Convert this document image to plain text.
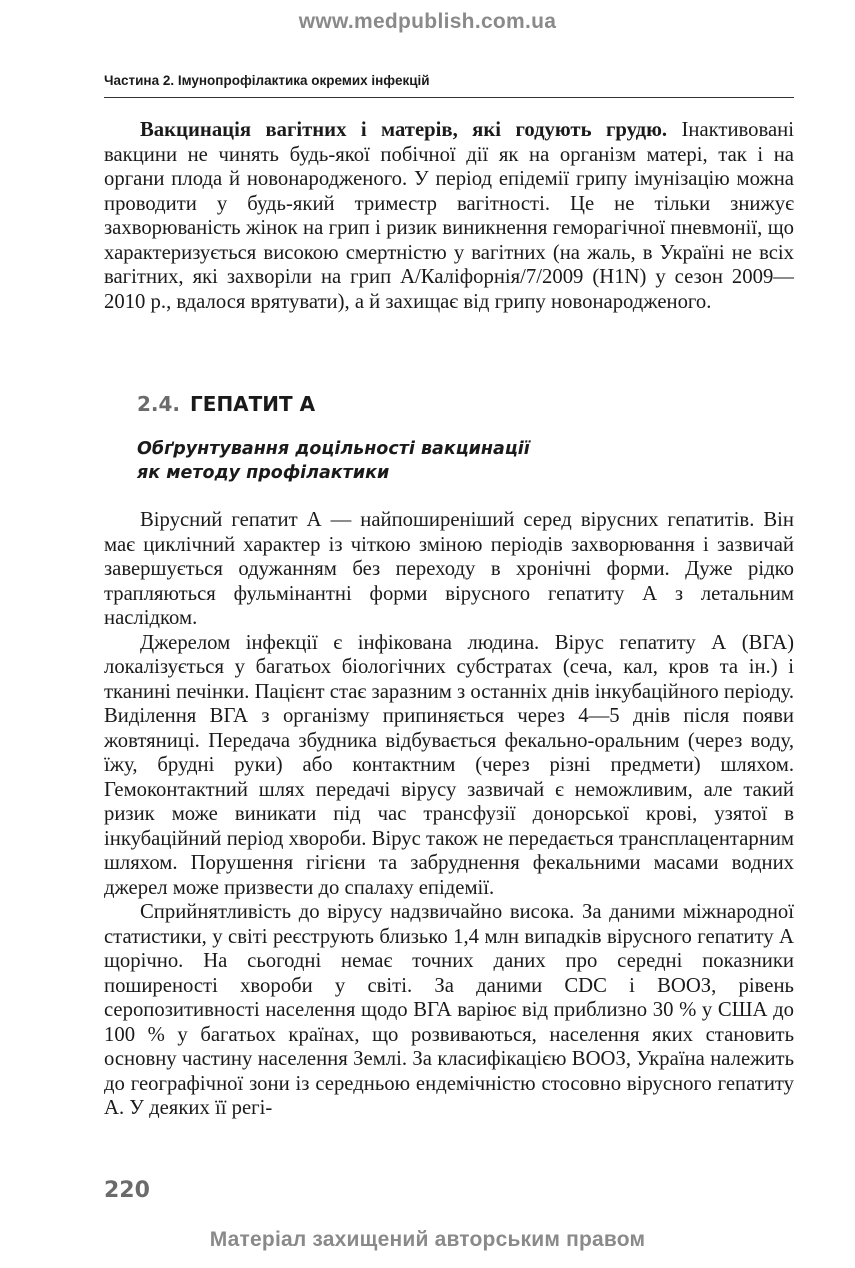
www.medpublish.com.ua
Частина 2. Імунопрофілактика окремих інфекцій

Вакцинація вагітних і матерів, які годують грудю. Інактивовані вакцини не чинять будь-якої побічної дії як на організм матері, так і на органи плода й новонародженого. У період епідемії грипу імунізацію можна проводити у будь-який триместр вагітності. Це не тільки знижує захворюваність жінок на грип і ризик виникнення геморагічної пневмонії, що характеризується високою смертністю у вагітних (на жаль, в Україні не всіх вагітних, які захворіли на грип A/Каліфорнія/7/2009 (H1N) у сезон 2009—2010 р., вдалося врятувати), а й захищає від грипу новонародженого.

2.4. ГЕПАТИТ А
Обґрунтування доцільності вакцинації
як методу профілактики

Вірусний гепатит А — найпоширеніший серед вірусних гепатитів. Він має циклічний характер із чіткою зміною періодів захворювання і зазвичай завершується одужанням без переходу в хронічні форми. Дуже рідко трапляються фульмінантні форми вірусного гепатиту А з летальним наслідком.

Джерелом інфекції є інфікована людина. Вірус гепатиту А (ВГА) локалізується у багатьох біологічних субстратах (сеча, кал, кров та ін.) і тканині печінки. Пацієнт стає заразним з останніх днів інкубаційного періоду. Виділення ВГА з організму припиняється через 4—5 днів після появи жовтяниці. Передача збудника відбувається фекально-оральним (через воду, їжу, брудні руки) або контактним (через різні предмети) шляхом. Гемоконтактний шлях передачі вірусу зазвичай є неможливим, але такий ризик може виникати під час трансфузії донорської крові, узятої в інкубаційний період хвороби. Вірус також не передається трансплацентарним шляхом. Порушення гігієни та забруднення фекальними масами водних джерел може призвести до спалаху епідемії.

Сприйнятливість до вірусу надзвичайно висока. За даними міжнародної статистики, у світі реєструють близько 1,4 млн випадків вірусного гепатиту А щорічно. На сьогодні немає точних даних про середні показники поширеності хвороби у світі. За даними CDC і ВООЗ, рівень серопозитивності населення щодо ВГА варіює від приблизно 30 % у США до 100 % у багатьох країнах, що розвиваються, населення яких становить основну частину населення Землі. За класифікацією ВООЗ, Україна належить до географічної зони із середньою ендемічністю стосовно вірусного гепатиту А. У деяких її регі-

220
Матеріал захищений авторським правом
